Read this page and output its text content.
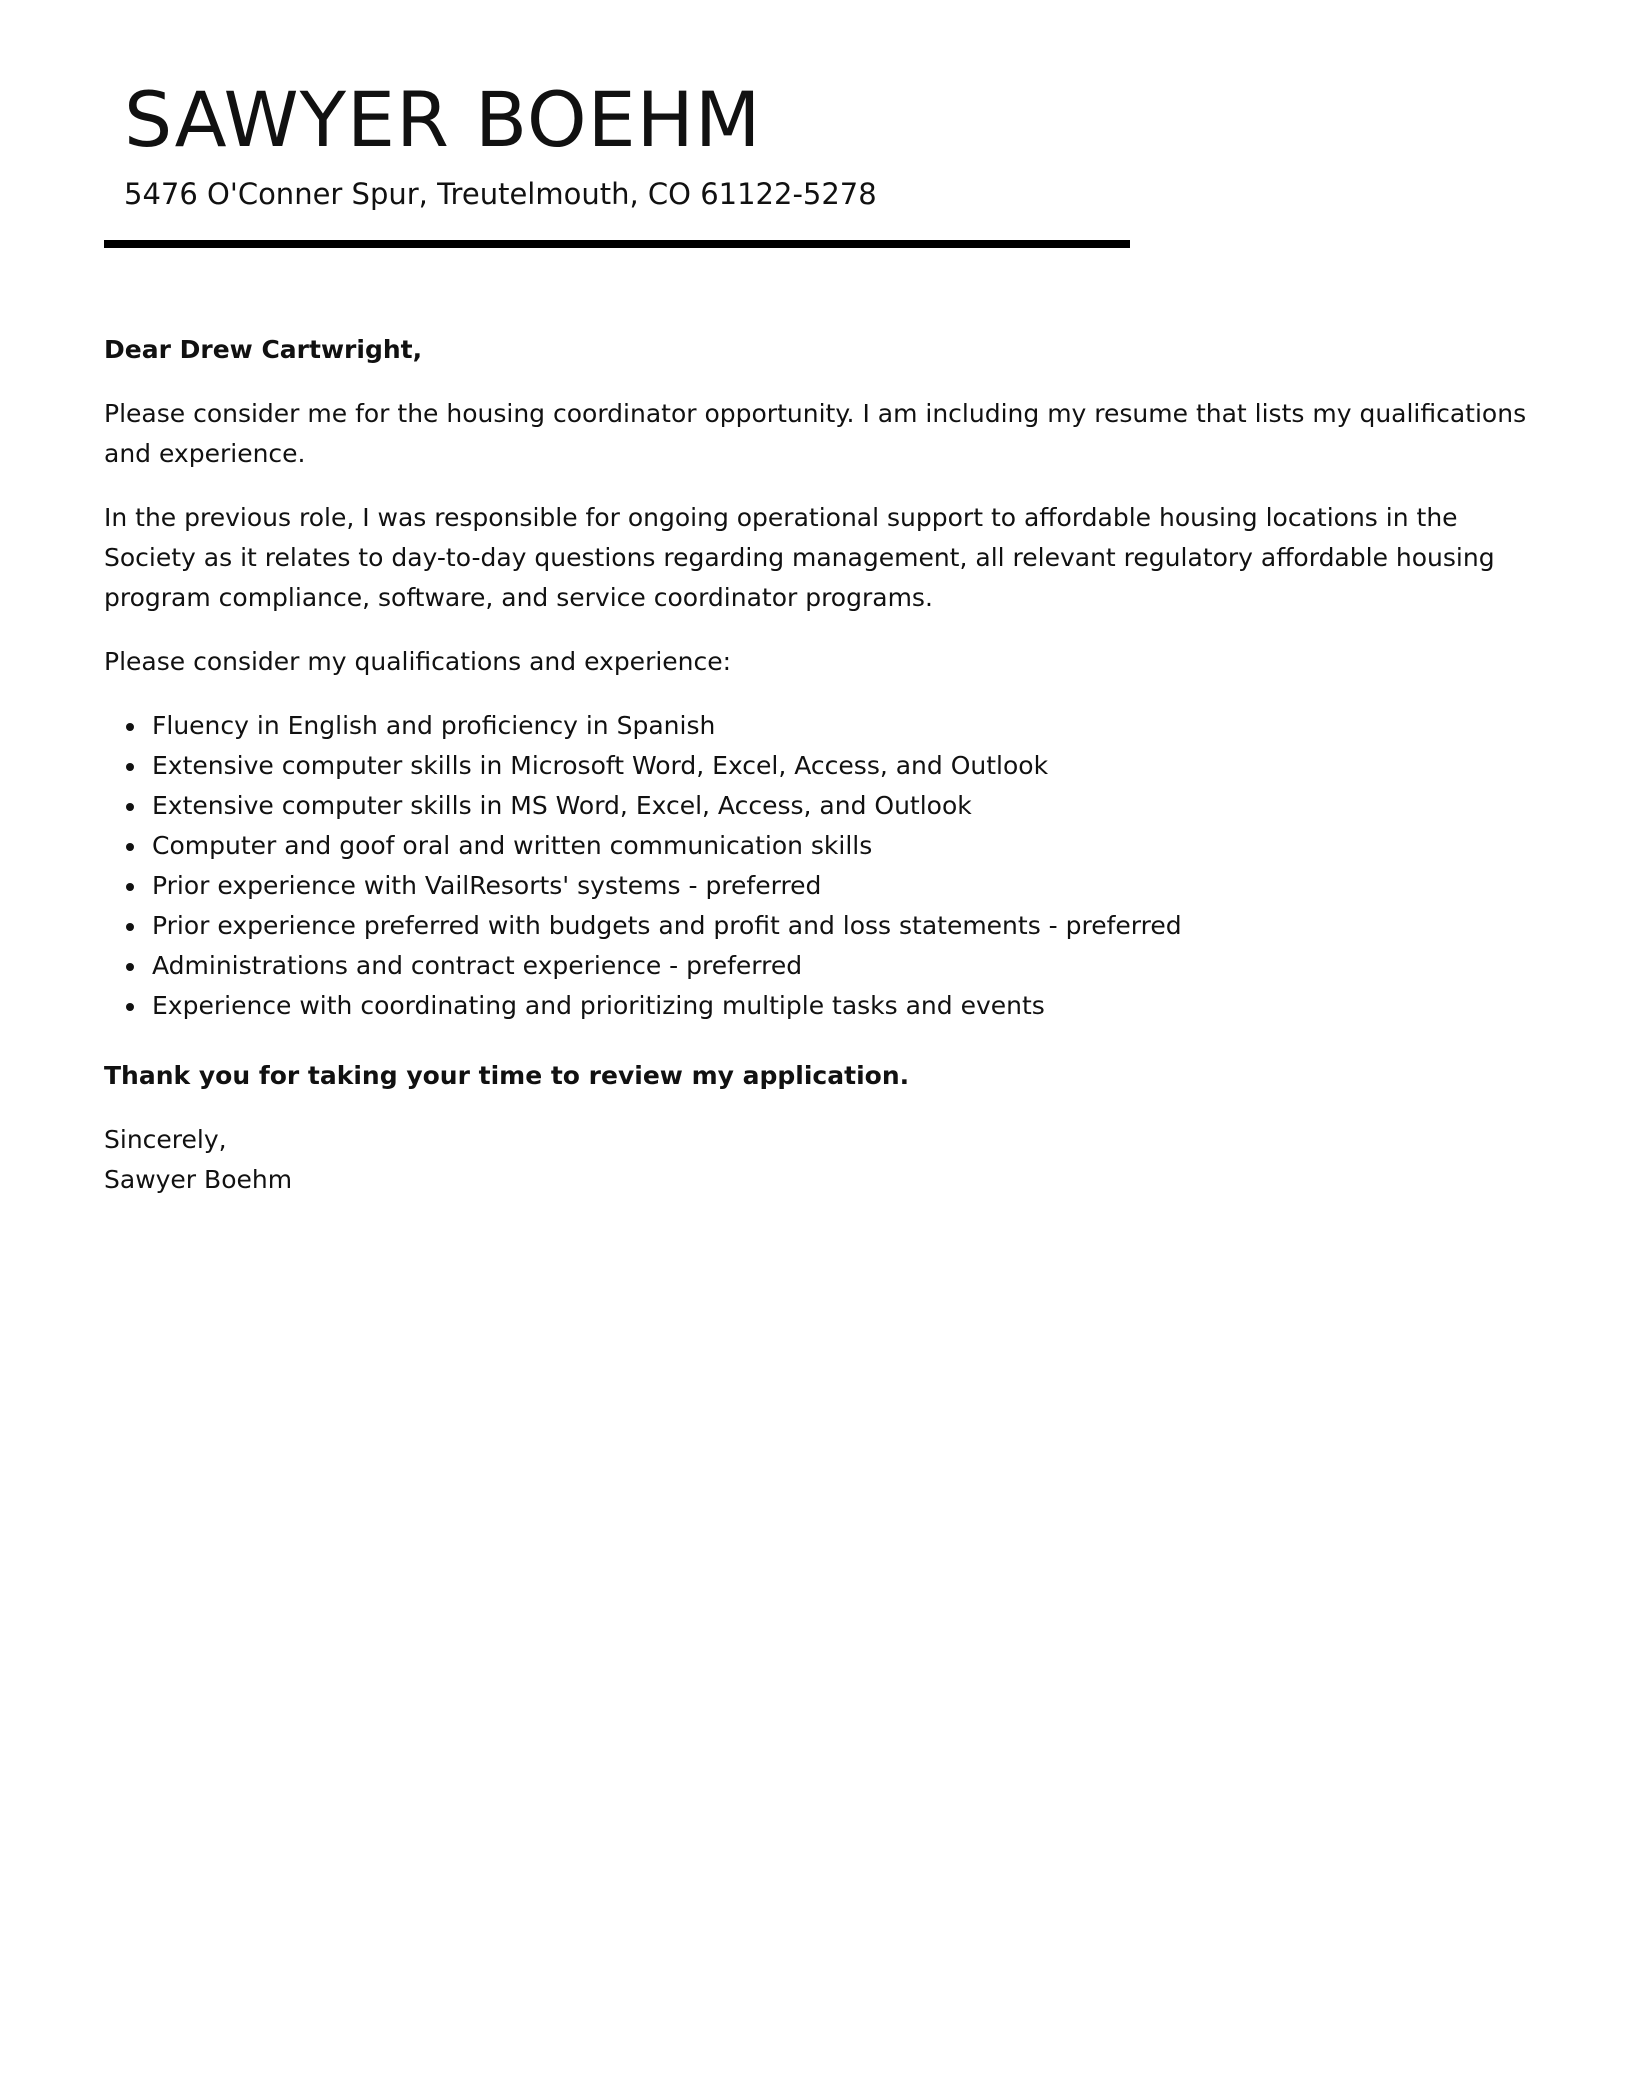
SAWYER BOEHM
5476 O'Conner Spur, Treutelmouth, CO 61122-5278

Dear Drew Cartwright,

Please consider me for the housing coordinator opportunity. I am including my resume that lists my qualifications and experience.

In the previous role, I was responsible for ongoing operational support to affordable housing locations in the Society as it relates to day-to-day questions regarding management, all relevant regulatory affordable housing program compliance, software, and service coordinator programs.

Please consider my qualifications and experience:

Fluency in English and proficiency in Spanish
Extensive computer skills in Microsoft Word, Excel, Access, and Outlook
Extensive computer skills in MS Word, Excel, Access, and Outlook
Computer and goof oral and written communication skills
Prior experience with VailResorts' systems - preferred
Prior experience preferred with budgets and profit and loss statements - preferred
Administrations and contract experience - preferred
Experience with coordinating and prioritizing multiple tasks and events

Thank you for taking your time to review my application.

Sincerely,

Sawyer Boehm
